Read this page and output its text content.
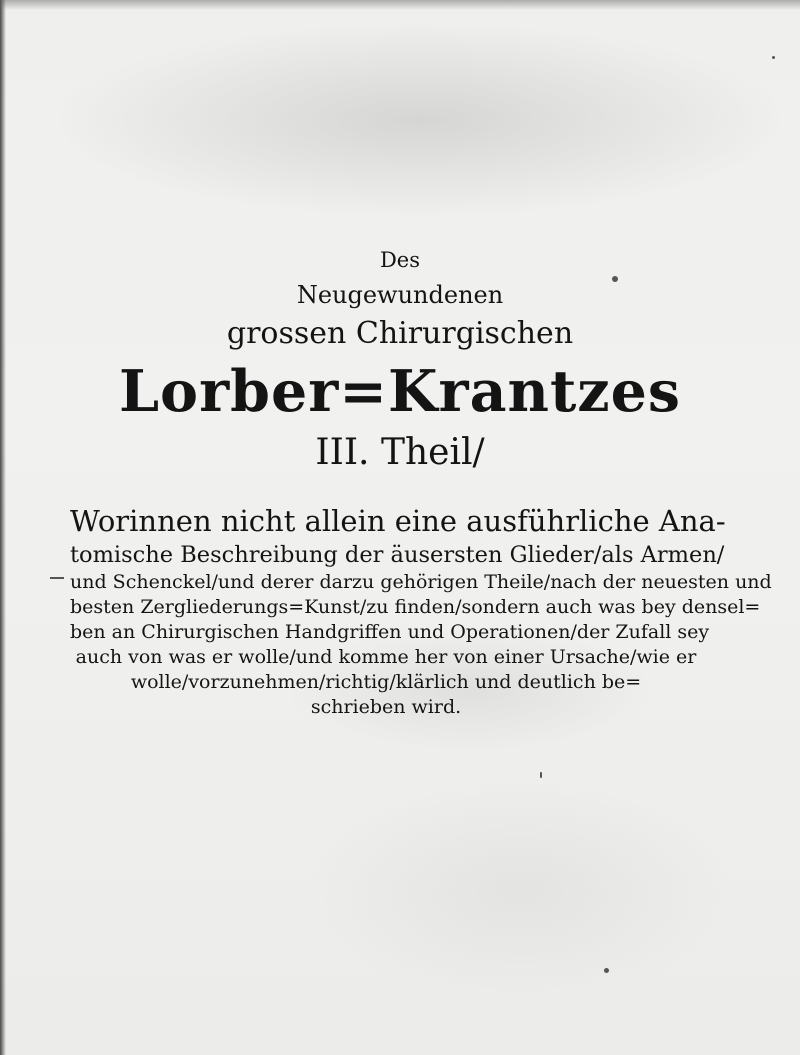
Des
Neugewundenen
grossen Chirurgischen
Lorber=Krantzes
III. Theil/
Worinnen nicht allein eine ausführliche Ana-
tomische Beschreibung der äusersten Glieder/als Armen/
und Schenckel/und derer darzu gehörigen Theile/nach der neuesten und
besten Zergliederungs=Kunst/zu finden/sondern auch was bey densel=
ben an Chirurgischen Handgriffen und Operationen/der Zufall sey
auch von was er wolle/und komme her von einer Ursache/wie er
wolle/vorzunehmen/richtig/klärlich und deutlich be=
schrieben wird.
